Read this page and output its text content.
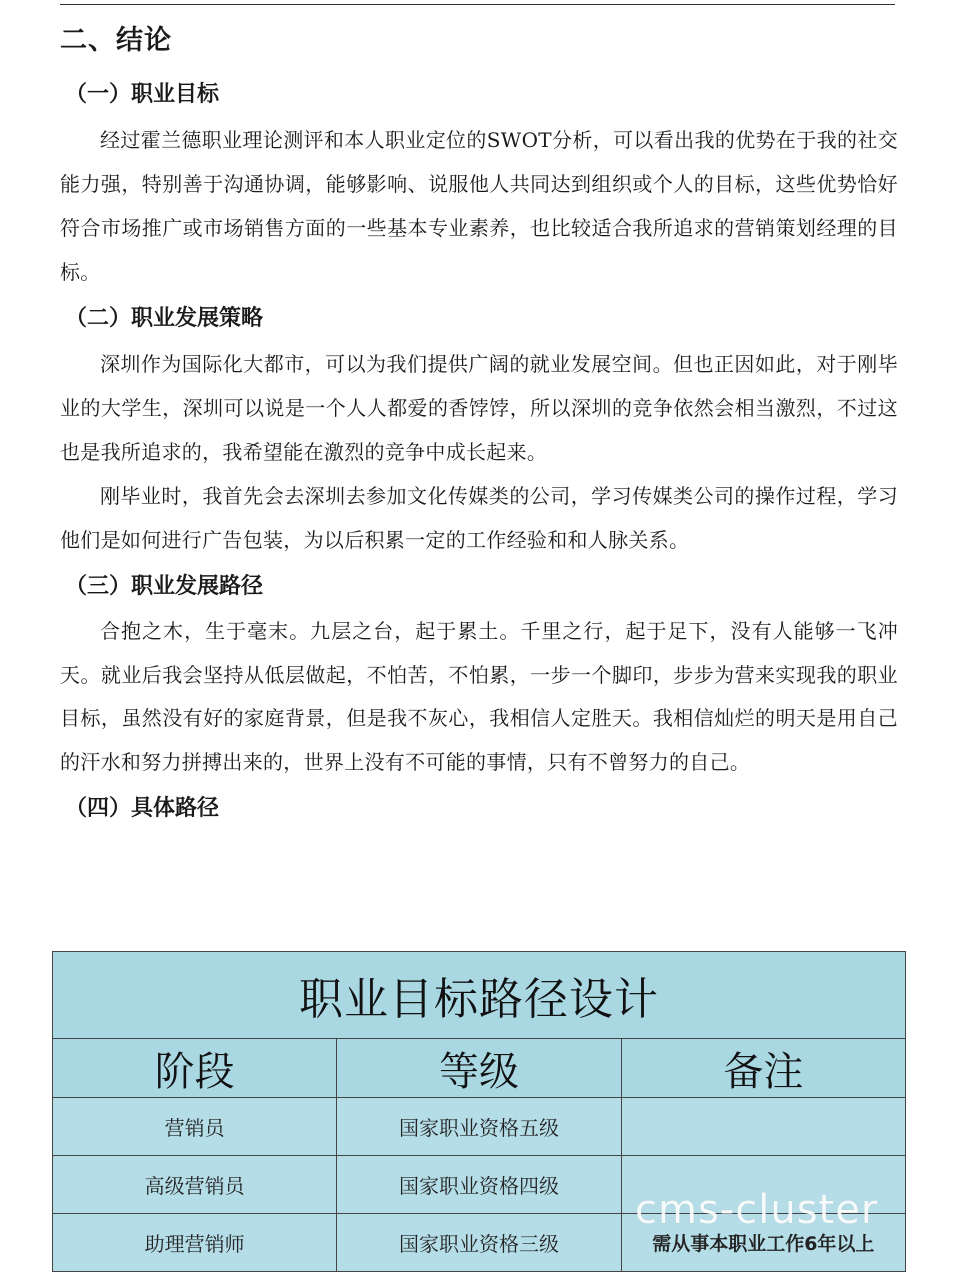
二、结论
（一）职业目标

经过霍兰德职业理论测评和本人职业定位的SWOT分析，可以看出我的优势在于我的社交能力强，特别善于沟通协调，能够影响、说服他人共同达到组织或个人的目标，这些优势恰好符合市场推广或市场销售方面的一些基本专业素养，也比较适合我所追求的营销策划经理的目标。

（二）职业发展策略

深圳作为国际化大都市，可以为我们提供广阔的就业发展空间。但也正因如此，对于刚毕业的大学生，深圳可以说是一个人人都爱的香饽饽，所以深圳的竞争依然会相当激烈，不过这也是我所追求的，我希望能在激烈的竞争中成长起来。

刚毕业时，我首先会去深圳去参加文化传媒类的公司，学习传媒类公司的操作过程，学习他们是如何进行广告包装，为以后积累一定的工作经验和和人脉关系。

（三）职业发展路径

合抱之木，生于毫末。九层之台，起于累土。千里之行，起于足下，没有人能够一飞冲天。就业后我会坚持从低层做起，不怕苦，不怕累，一步一个脚印，步步为营来实现我的职业目标，虽然没有好的家庭背景，但是我不灰心，我相信人定胜天。我相信灿烂的明天是用自己的汗水和努力拼搏出来的，世界上没有不可能的事情，只有不曾努力的自己。

（四）具体路径
职业目标路径设计		
阶段	等级	备注
营销员	国家职业资格五级	
高级营销员	国家职业资格四级	
助理营销师	国家职业资格三级	需从事本职业工作6年以上
cms-cluster
